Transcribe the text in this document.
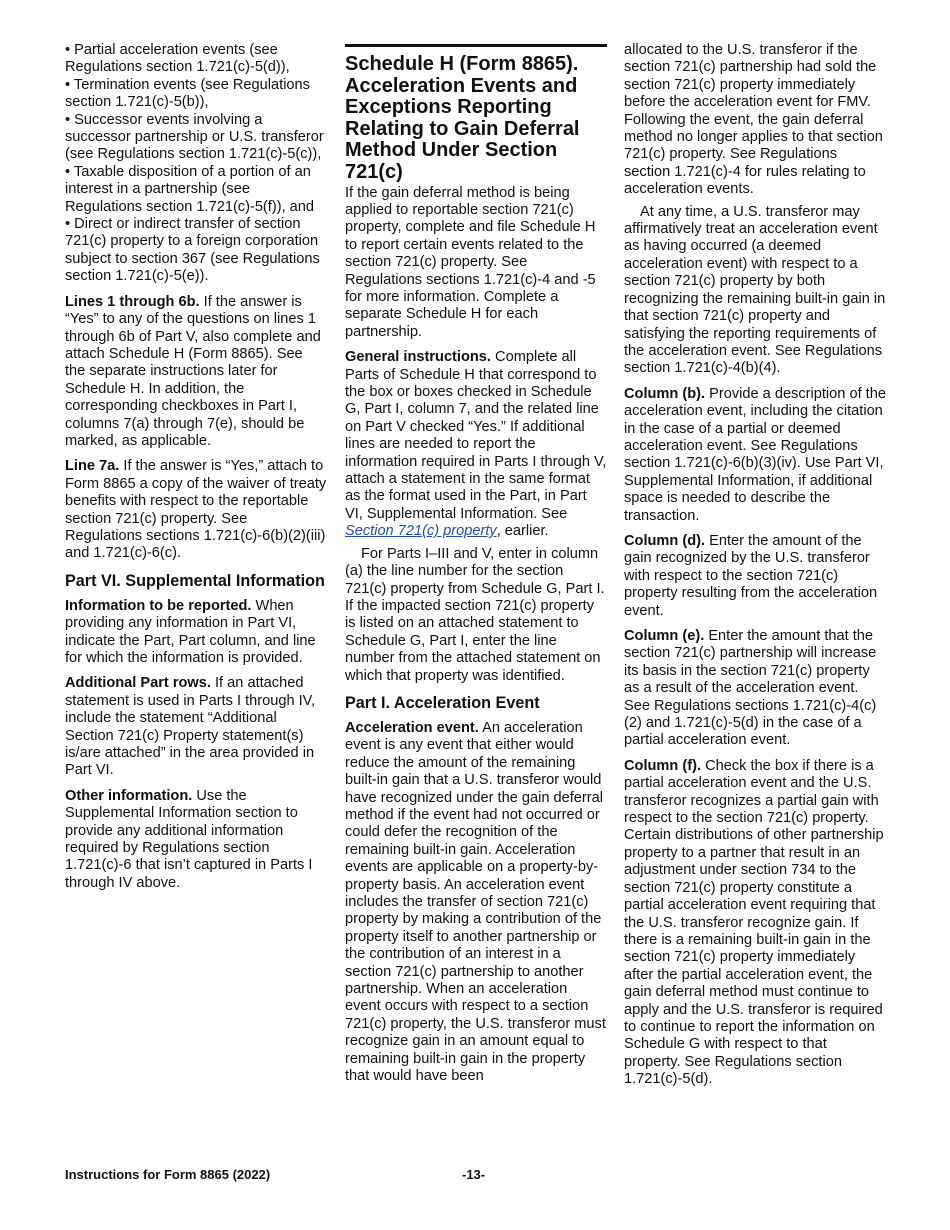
• Partial acceleration events (see Regulations section 1.721(c)-5(d)),
• Termination events (see Regulations section 1.721(c)-5(b)),
• Successor events involving a successor partnership or U.S. transferor (see Regulations section 1.721(c)-5(c)),
• Taxable disposition of a portion of an interest in a partnership (see Regulations section 1.721(c)-5(f)), and
• Direct or indirect transfer of section 721(c) property to a foreign corporation subject to section 367 (see Regulations section 1.721(c)-5(e)).

Lines 1 through 6b. If the answer is “Yes” to any of the questions on lines 1 through 6b of Part V, also complete and attach Schedule H (Form 8865). See the separate instructions later for Schedule H. In addition, the corresponding checkboxes in Part I, columns 7(a) through 7(e), should be marked, as applicable.

Line 7a. If the answer is “Yes,” attach to Form 8865 a copy of the waiver of treaty benefits with respect to the reportable section 721(c) property. See Regulations sections 1.721(c)-6(b)(2)(iii) and 1.721(c)-6(c).

Part VI. Supplemental Information

Information to be reported. When providing any information in Part VI, indicate the Part, Part column, and line for which the information is provided.

Additional Part rows. If an attached statement is used in Parts I through IV, include the statement “Additional Section 721(c) Property statement(s) is/are attached” in the area provided in Part VI.

Other information. Use the Supplemental Information section to provide any additional information required by Regulations section 1.721(c)-6 that isn’t captured in Parts I through IV above.

Schedule H (Form 8865). Acceleration Events and Exceptions Reporting Relating to Gain Deferral Method Under Section 721(c)

If the gain deferral method is being applied to reportable section 721(c) property, complete and file Schedule H to report certain events related to the section 721(c) property. See Regulations sections 1.721(c)-4 and -5 for more information. Complete a separate Schedule H for each partnership.

General instructions. Complete all Parts of Schedule H that correspond to the box or boxes checked in Schedule G, Part I, column 7, and the related line on Part V checked “Yes.” If additional lines are needed to report the information required in Parts I through V, attach a statement in the same format as the format used in the Part, in Part VI, Supplemental Information. See Section 721(c) property, earlier.

For Parts I–III and V, enter in column (a) the line number for the section 721(c) property from Schedule G, Part I. If the impacted section 721(c) property is listed on an attached statement to Schedule G, Part I, enter the line number from the attached statement on which that property was identified.

Part I. Acceleration Event

Acceleration event. An acceleration event is any event that either would reduce the amount of the remaining built-in gain that a U.S. transferor would have recognized under the gain deferral method if the event had not occurred or could defer the recognition of the remaining built-in gain. Acceleration events are applicable on a property-by-property basis. An acceleration event includes the transfer of section 721(c) property by making a contribution of the property itself to another partnership or the contribution of an interest in a section 721(c) partnership to another partnership. When an acceleration event occurs with respect to a section 721(c) property, the U.S. transferor must recognize gain in an amount equal to remaining built-in gain in the property that would have been

allocated to the U.S. transferor if the section 721(c) partnership had sold the section 721(c) property immediately before the acceleration event for FMV. Following the event, the gain deferral method no longer applies to that section 721(c) property. See Regulations section 1.721(c)-4 for rules relating to acceleration events.

At any time, a U.S. transferor may affirmatively treat an acceleration event as having occurred (a deemed acceleration event) with respect to a section 721(c) property by both recognizing the remaining built-in gain in that section 721(c) property and satisfying the reporting requirements of the acceleration event. See Regulations section 1.721(c)-4(b)(4).

Column (b). Provide a description of the acceleration event, including the citation in the case of a partial or deemed acceleration event. See Regulations section 1.721(c)-6(b)(3)(iv). Use Part VI, Supplemental Information, if additional space is needed to describe the transaction.

Column (d). Enter the amount of the gain recognized by the U.S. transferor with respect to the section 721(c) property resulting from the acceleration event.

Column (e). Enter the amount that the section 721(c) partnership will increase its basis in the section 721(c) property as a result of the acceleration event. See Regulations sections 1.721(c)-4(c)(2) and 1.721(c)-5(d) in the case of a partial acceleration event.

Column (f). Check the box if there is a partial acceleration event and the U.S. transferor recognizes a partial gain with respect to the section 721(c) property. Certain distributions of other partnership property to a partner that result in an adjustment under section 734 to the section 721(c) property constitute a partial acceleration event requiring that the U.S. transferor recognize gain. If there is a remaining built-in gain in the section 721(c) property immediately after the partial acceleration event, the gain deferral method must continue to apply and the U.S. transferor is required to continue to report the information on Schedule G with respect to that property. See Regulations section 1.721(c)-5(d).

Instructions for Form 8865 (2022)	-13-
